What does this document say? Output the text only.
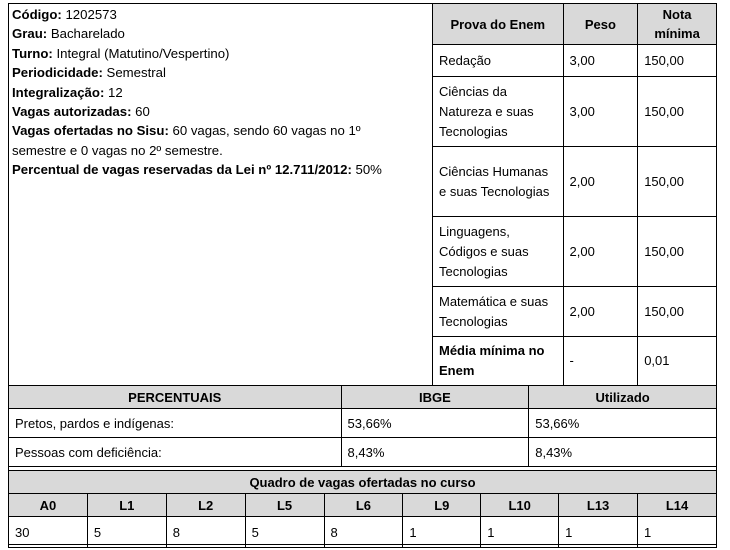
Código: 1202573
Grau: Bacharelado
Turno: Integral (Matutino/Vespertino)
Periodicidade: Semestral
Integralização: 12
Vagas autorizadas: 60
Vagas ofertadas no Sisu: 60 vagas, sendo 60 vagas no 1º semestre e 0 vagas no 2º semestre.
Percentual de vagas reservadas da Lei nº 12.711/2012: 50%
Prova do Enem	Peso	Nota mínima
Redação	3,00	150,00
Ciências da Natureza e suas Tecnologias	3,00	150,00
Ciências Humanas e suas Tecnologias	2,00	150,00
Linguagens, Códigos e suas Tecnologias	2,00	150,00
Matemática e suas Tecnologias	2,00	150,00
Média mínima no Enem	-	0,01
PERCENTUAIS	IBGE	Utilizado
Pretos, pardos e indígenas:	53,66%	53,66%
Pessoas com deficiência:	8,43%	8,43%
Quadro de vagas ofertadas no curso								
A0	L1	L2	L5	L6	L9	L10	L13	L14
30	5	8	5	8	1	1	1	1
